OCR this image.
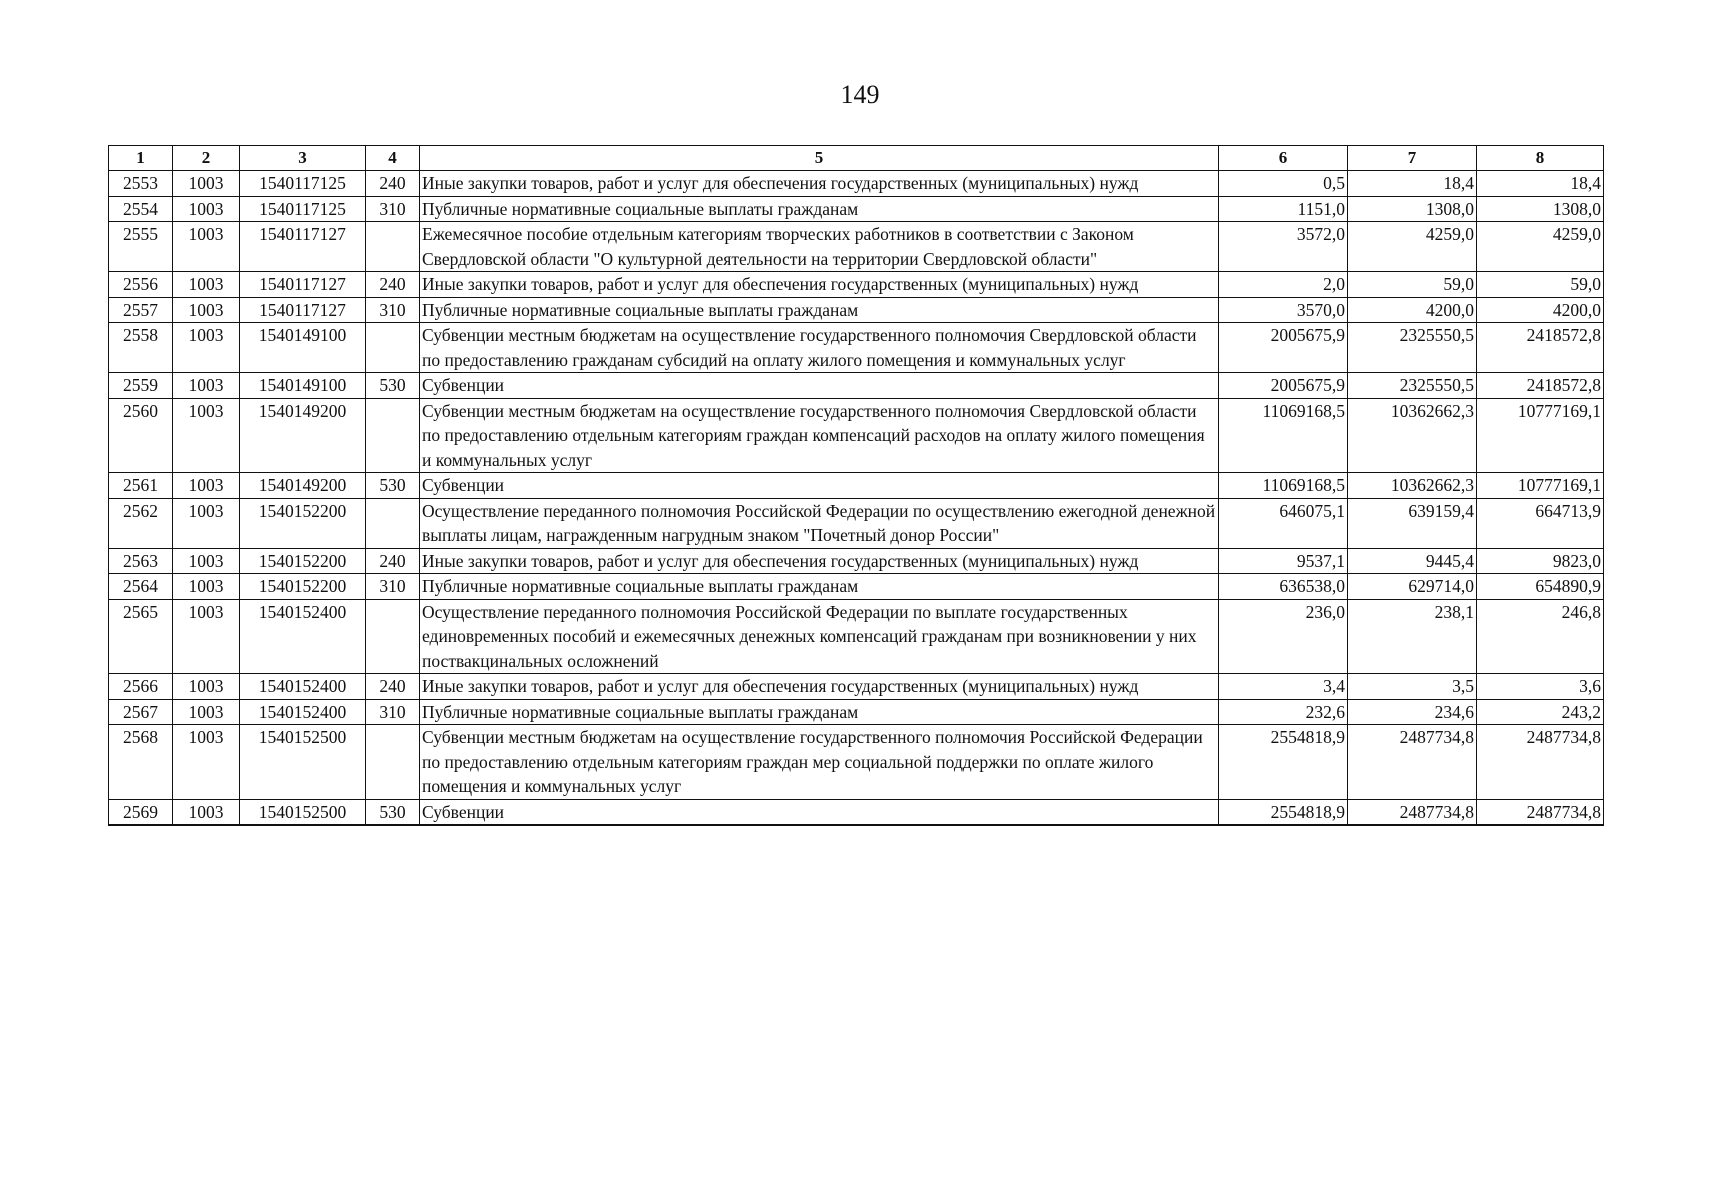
149
1	2	3	4	5	6	7	8
2553	1003	1540117125	240	Иные закупки товаров, работ и услуг для обеспечения государственных (муниципальных) нужд	0,5	18,4	18,4
2554	1003	1540117125	310	Публичные нормативные социальные выплаты гражданам	1151,0	1308,0	1308,0
2555	1003	1540117127		Ежемесячное пособие отдельным категориям творческих работников в соответствии с Законом Свердловской области "О культурной деятельности на территории Свердловской области"	3572,0	4259,0	4259,0
2556	1003	1540117127	240	Иные закупки товаров, работ и услуг для обеспечения государственных (муниципальных) нужд	2,0	59,0	59,0
2557	1003	1540117127	310	Публичные нормативные социальные выплаты гражданам	3570,0	4200,0	4200,0
2558	1003	1540149100		Субвенции местным бюджетам на осуществление государственного полномочия Свердловской области по предоставлению гражданам субсидий на оплату жилого помещения и коммунальных услуг	2005675,9	2325550,5	2418572,8
2559	1003	1540149100	530	Субвенции	2005675,9	2325550,5	2418572,8
2560	1003	1540149200		Субвенции местным бюджетам на осуществление государственного полномочия Свердловской области по предоставлению отдельным категориям граждан компенсаций расходов на оплату жилого помещения и коммунальных услуг	11069168,5	10362662,3	10777169,1
2561	1003	1540149200	530	Субвенции	11069168,5	10362662,3	10777169,1
2562	1003	1540152200		Осуществление переданного полномочия Российской Федерации по осуществлению ежегодной денежной выплаты лицам, награжденным нагрудным знаком "Почетный донор России"	646075,1	639159,4	664713,9
2563	1003	1540152200	240	Иные закупки товаров, работ и услуг для обеспечения государственных (муниципальных) нужд	9537,1	9445,4	9823,0
2564	1003	1540152200	310	Публичные нормативные социальные выплаты гражданам	636538,0	629714,0	654890,9
2565	1003	1540152400		Осуществление переданного полномочия Российской Федерации по выплате государственных единовременных пособий и ежемесячных денежных компенсаций гражданам при возникновении у них поствакцинальных осложнений	236,0	238,1	246,8
2566	1003	1540152400	240	Иные закупки товаров, работ и услуг для обеспечения государственных (муниципальных) нужд	3,4	3,5	3,6
2567	1003	1540152400	310	Публичные нормативные социальные выплаты гражданам	232,6	234,6	243,2
2568	1003	1540152500		Субвенции местным бюджетам на осуществление государственного полномочия Российской Федерации по предоставлению отдельным категориям граждан мер социальной поддержки по оплате жилого помещения и коммунальных услуг	2554818,9	2487734,8	2487734,8
2569	1003	1540152500	530	Субвенции	2554818,9	2487734,8	2487734,8
